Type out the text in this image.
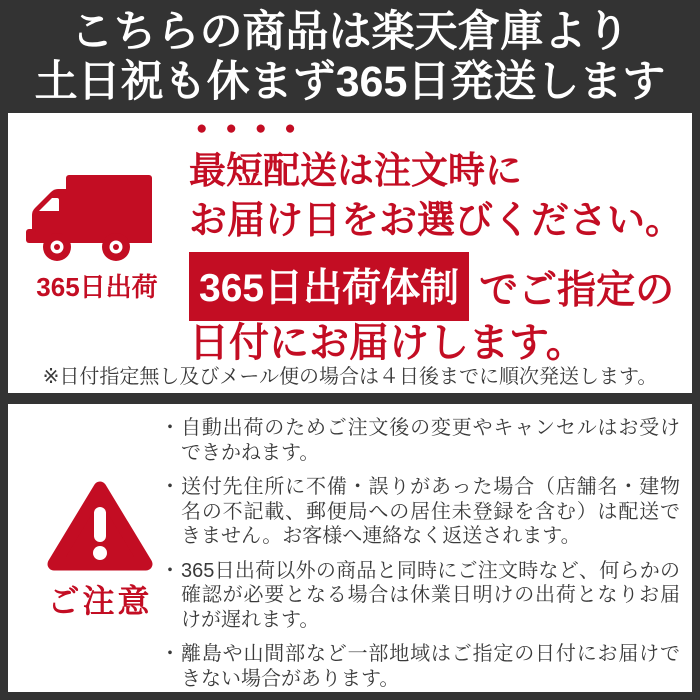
こちらの商品は楽天倉庫より
土日祝も休まず365日発送します
365日出荷
●●●●
最短配送は注文時に
お届け日をお選びください。
365日出荷体制 でご指定の
日付にお届けします。
※日付指定無し及びメール便の場合は４日後までに順次発送します。
ご注意
・ 自動出荷のためご注文後の変更やキャンセルはお受けできかねます。
・ 送付先住所に不備・誤りがあった場合（店舗名・建物名の不記載、郵便局への居住未登録を含む）は配送できません。お客様へ連絡なく返送されます。
・ 365日出荷以外の商品と同時にご注文時など、何らかの確認が必要となる場合は休業日明けの出荷となりお届けが遅れます。
・ 離島や山間部など一部地域はご指定の日付にお届けできない場合があります。
